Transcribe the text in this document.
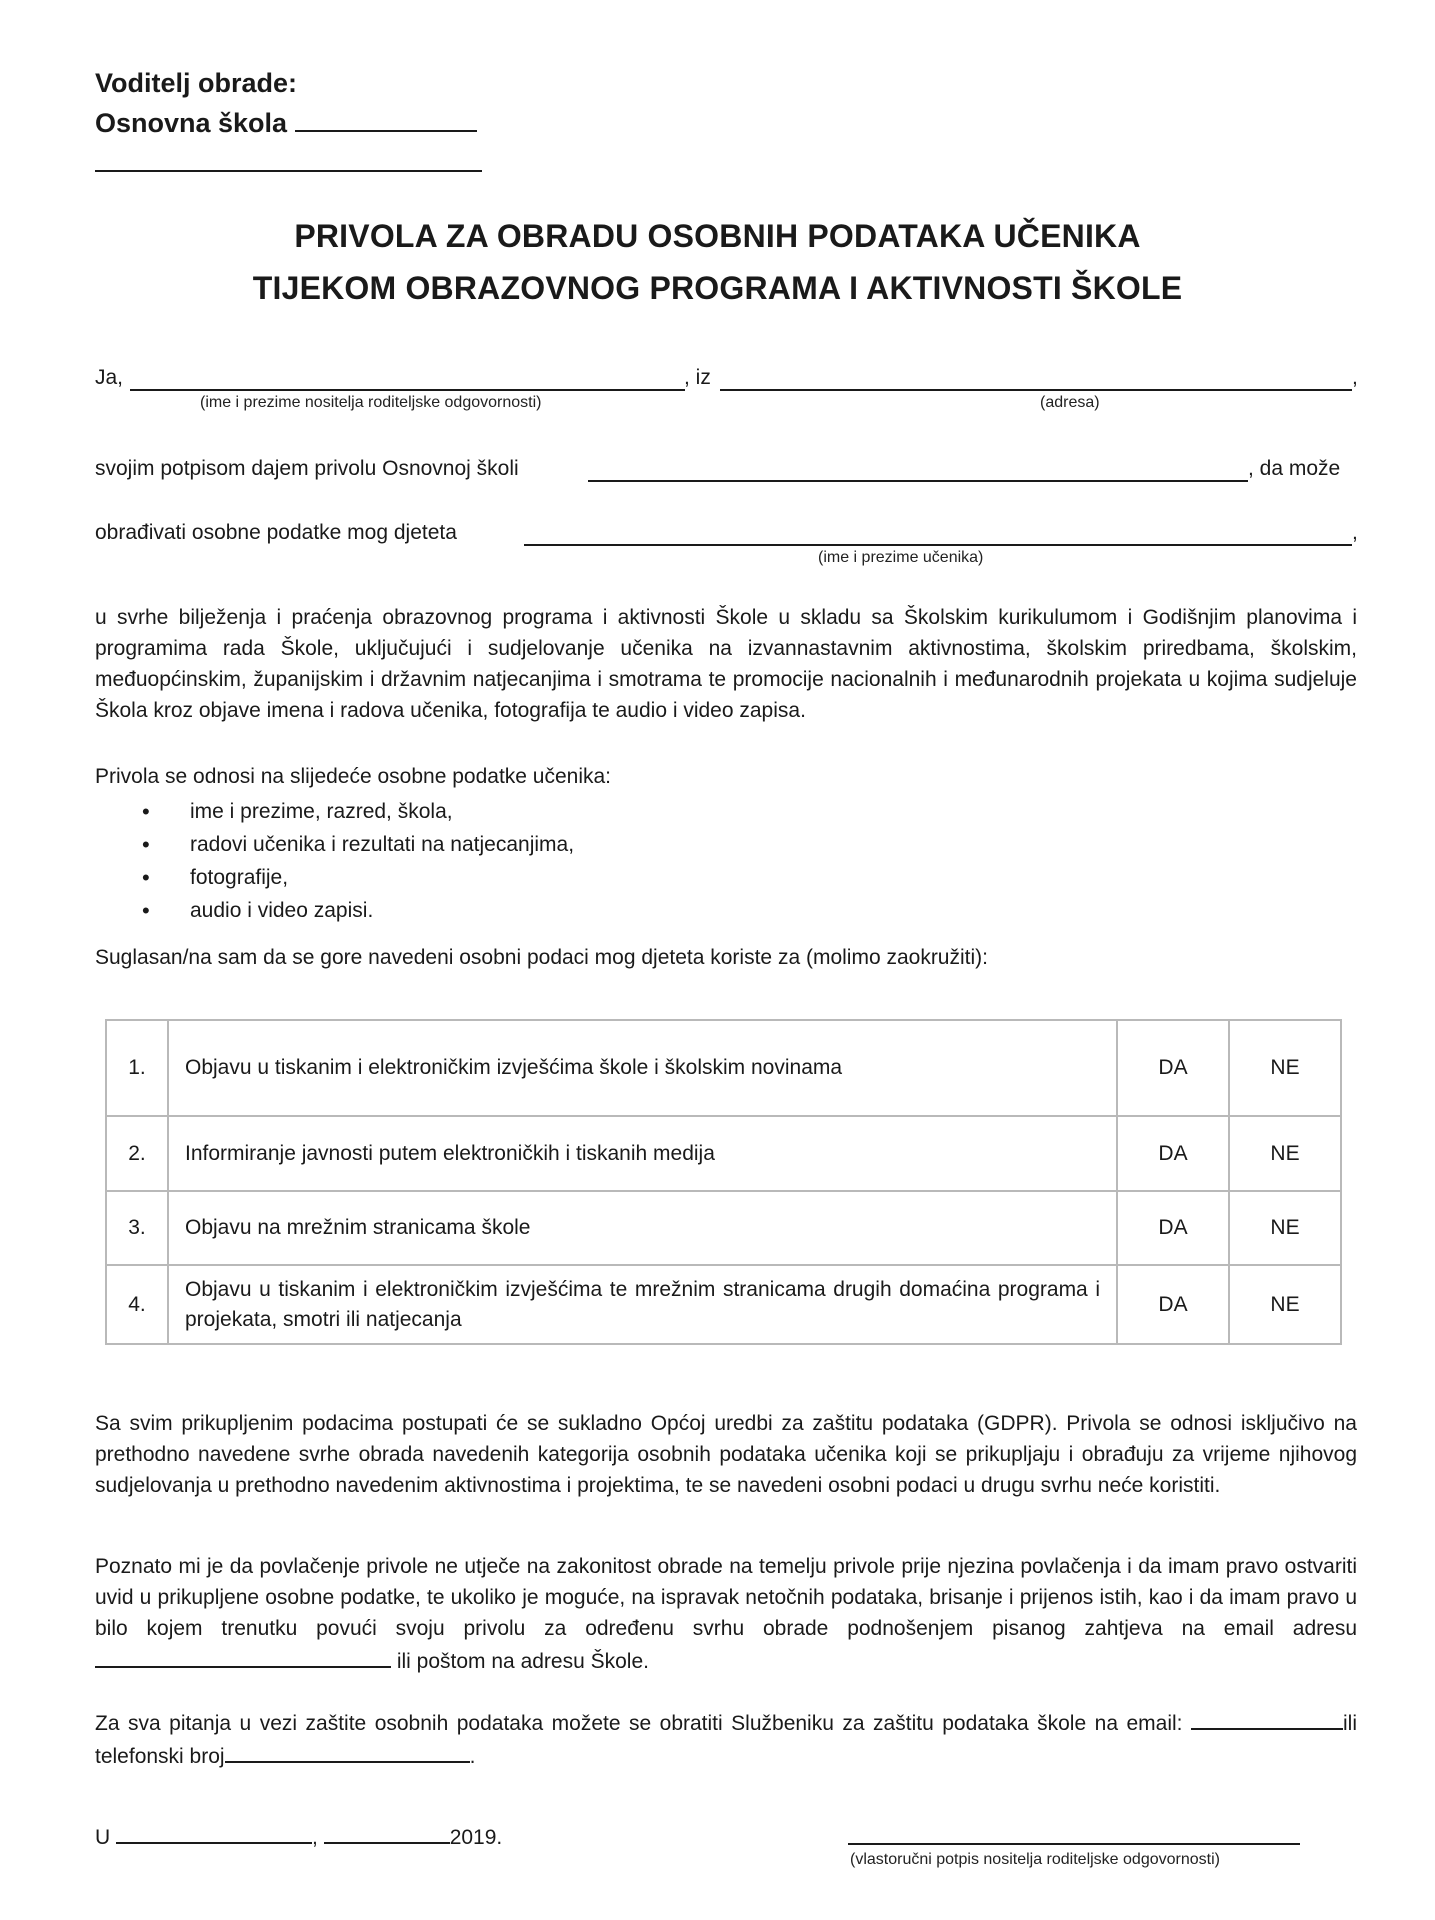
Voditelj obrade:
Osnovna škola
PRIVOLA ZA OBRADU OSOBNIH PODATAKA UČENIKA
TIJEKOM OBRAZOVNOG PROGRAMA I AKTIVNOSTI ŠKOLE
Ja,	, iz	,
(ime i prezime nositelja roditeljske odgovornosti)	(adresa)
svojim potpisom dajem privolu Osnovnoj školi	, da može
obrađivati osobne podatke mog djeteta	,
(ime i prezime učenika)
u svrhe bilježenja i praćenja obrazovnog programa i aktivnosti Škole u skladu sa Školskim kurikulumom i Godišnjim planovima i programima rada Škole, uključujući i sudjelovanje učenika na izvannastavnim aktivnostima, školskim priredbama, školskim, međuopćinskim, županijskim i državnim natjecanjima i smotrama te promocije nacionalnih i međunarodnih projekata u kojima sudjeluje Škola kroz objave imena i radova učenika, fotografija te audio i video zapisa.
Privola se odnosi na slijedeće osobne podatke učenika:
• ime i prezime, razred, škola,
• radovi učenika i rezultati na natjecanjima,
• fotografije,
• audio i video zapisi.
Suglasan/na sam da se gore navedeni osobni podaci mog djeteta koriste za (molimo zaokružiti):
1.	Objavu u tiskanim i elektroničkim izvješćima škole i školskim novinama	DA	NE
2.	Informiranje javnosti putem elektroničkih i tiskanih medija	DA	NE
3.	Objavu na mrežnim stranicama škole	DA	NE
4.	Objavu u tiskanim i elektroničkim izvješćima te mrežnim stranicama drugih domaćina programa i projekata, smotri ili natjecanja	DA	NE
Sa svim prikupljenim podacima postupati će se sukladno Općoj uredbi za zaštitu podataka (GDPR). Privola se odnosi isključivo na prethodno navedene svrhe obrada navedenih kategorija osobnih podataka učenika koji se prikupljaju i obrađuju za vrijeme njihovog sudjelovanja u prethodno navedenim aktivnostima i projektima, te se navedeni osobni podaci u drugu svrhu neće koristiti.
Poznato mi je da povlačenje privole ne utječe na zakonitost obrade na temelju privole prije njezina povlačenja i da imam pravo ostvariti uvid u prikupljene osobne podatke, te ukoliko je moguće, na ispravak netočnih podataka, brisanje i prijenos istih, kao i da imam pravo u bilo kojem trenutku povući svoju privolu za određenu svrhu obrade podnošenjem pisanog zahtjeva na email adresu  ili poštom na adresu Škole.
Za sva pitanja u vezi zaštite osobnih podataka možete se obratiti Službeniku za zaštitu podataka škole na email:	ili telefonski broj	.
U	,	2019.
(vlastoručni potpis nositelja roditeljske odgovornosti)
